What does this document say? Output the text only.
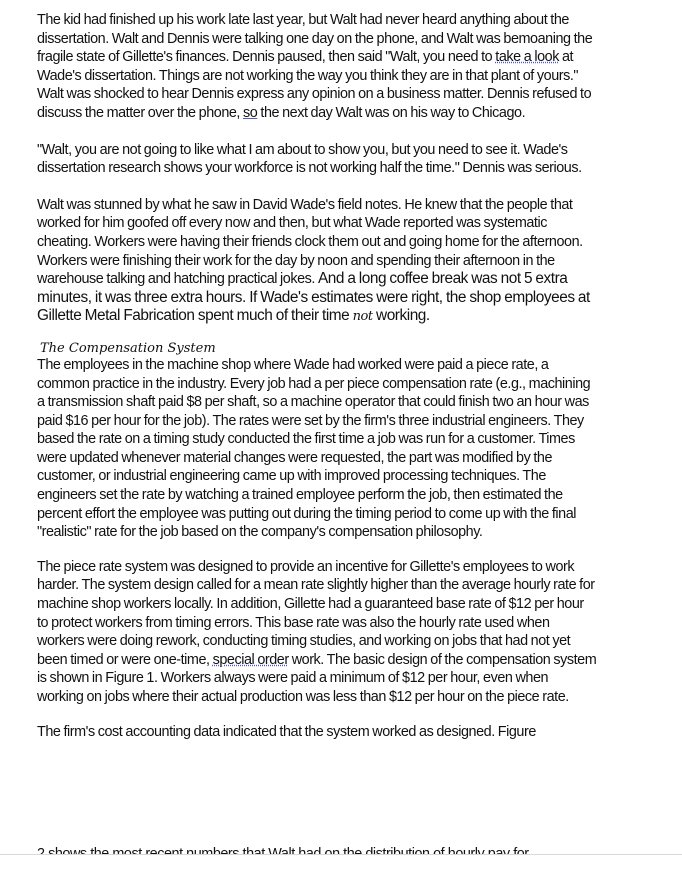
The kid had finished up his work late last year, but Walt had never heard anything about the dissertation. Walt and Dennis were talking one day on the phone, and Walt was bemoaning the fragile state of Gillette's finances. Dennis paused, then said "Walt, you need to take a look at Wade's dissertation. Things are not working the way you think they are in that plant of yours." Walt was shocked to hear Dennis express any opinion on a business matter. Dennis refused to discuss the matter over the phone, so the next day Walt was on his way to Chicago.

"Walt, you are not going to like what I am about to show you, but you need to see it. Wade's dissertation research shows your workforce is not working half the time." Dennis was serious.

Walt was stunned by what he saw in David Wade's field notes. He knew that the people that worked for him goofed off every now and then, but what Wade reported was systematic cheating. Workers were having their friends clock them out and going home for the afternoon. Workers were finishing their work for the day by noon and spending their afternoon in the warehouse talking and hatching practical jokes. And a long coffee break was not 5 extra minutes, it was three extra hours. If Wade's estimates were right, the shop employees at Gillette Metal Fabrication spent much of their time not working.

The Compensation System

The employees in the machine shop where Wade had worked were paid a piece rate, a common practice in the industry. Every job had a per piece compensation rate (e.g., machining a transmission shaft paid $8 per shaft, so a machine operator that could finish two an hour was paid $16 per hour for the job). The rates were set by the firm's three industrial engineers. They based the rate on a timing study conducted the first time a job was run for a customer. Times were updated whenever material changes were requested, the part was modified by the customer, or industrial engineering came up with improved processing techniques. The engineers set the rate by watching a trained employee perform the job, then estimated the percent effort the employee was putting out during the timing period to come up with the final "realistic" rate for the job based on the company's compensation philosophy.

The piece rate system was designed to provide an incentive for Gillette's employees to work harder. The system design called for a mean rate slightly higher than the average hourly rate for machine shop workers locally. In addition, Gillette had a guaranteed base rate of $12 per hour to protect workers from timing errors. This base rate was also the hourly rate used when workers were doing rework, conducting timing studies, and working on jobs that had not yet been timed or were one-time, special order work. The basic design of the compensation system is shown in Figure 1. Workers always were paid a minimum of $12 per hour, even when working on jobs where their actual production was less than $12 per hour on the piece rate.

The firm's cost accounting data indicated that the system worked as designed. Figure
